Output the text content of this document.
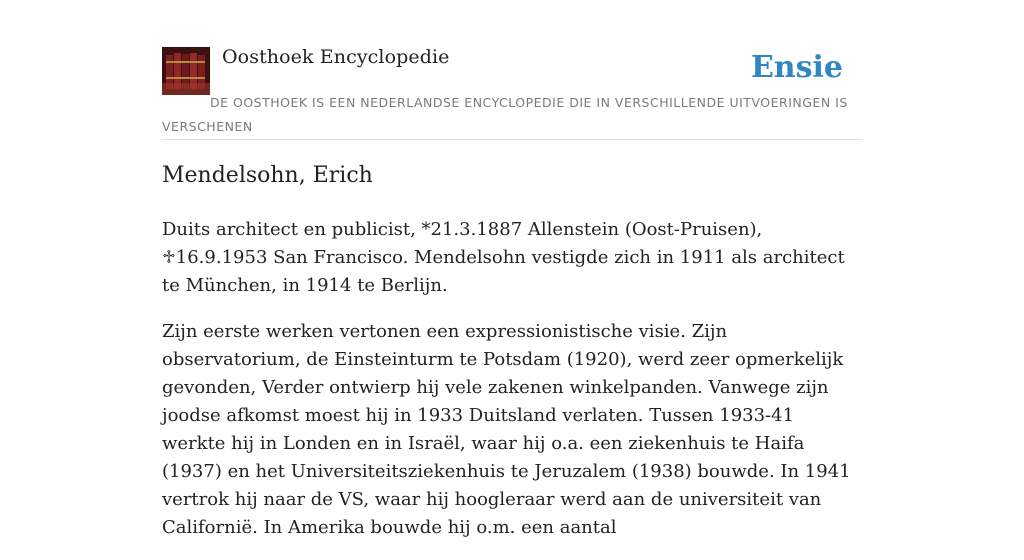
Oosthoek Encyclopedie	Ensie
DE OOSTHOEK IS EEN NEDERLANDSE ENCYCLOPEDIE DIE IN VERSCHILLENDE UITVOERINGEN IS VERSCHENEN
Mendelsohn, Erich

Duits architect en publicist, *21.3.1887 Allenstein (Oost-Pruisen), ♱16.9.1953 San Francisco. Mendelsohn vestigde zich in 1911 als architect te München, in 1914 te Berlijn.

Zijn eerste werken vertonen een expressionistische visie. Zijn observatorium, de Einsteinturm te Potsdam (1920), werd zeer opmerkelijk gevonden, Verder ontwierp hij vele zakenen winkelpanden. Vanwege zijn joodse afkomst moest hij in 1933 Duitsland verlaten. Tussen 1933-41 werkte hij in Londen en in Israël, waar hij o.a. een ziekenhuis te Haifa (1937) en het Universiteitsziekenhuis te Jeruzalem (1938) bouwde. In 1941 vertrok hij naar de VS, waar hij hoogleraar werd aan de universiteit van Californië. In Amerika bouwde hij o.m. een aantal
